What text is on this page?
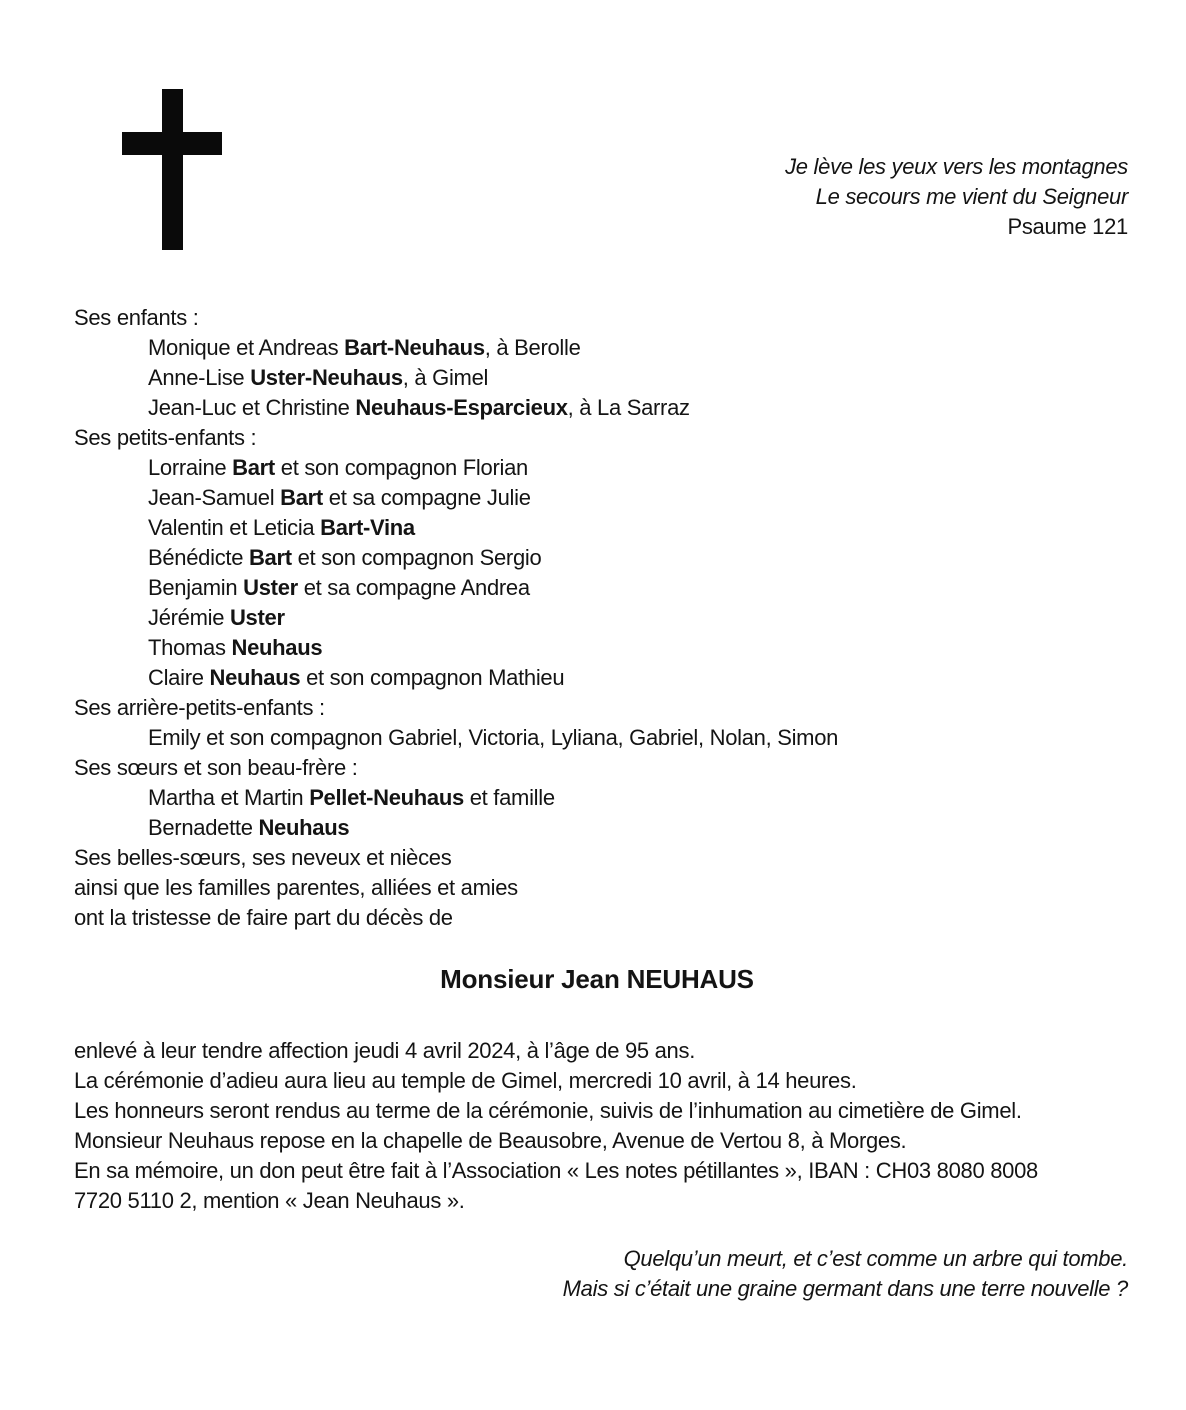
Je lève les yeux vers les montagnes
Le secours me vient du Seigneur
Psaume 121
Ses enfants :
Monique et Andreas Bart-Neuhaus, à Berolle
Anne-Lise Uster-Neuhaus, à Gimel
Jean-Luc et Christine Neuhaus-Esparcieux, à La Sarraz
Ses petits-enfants :
Lorraine Bart et son compagnon Florian
Jean-Samuel Bart et sa compagne Julie
Valentin et Leticia Bart-Vina
Bénédicte Bart et son compagnon Sergio
Benjamin Uster et sa compagne Andrea
Jérémie Uster
Thomas Neuhaus
Claire Neuhaus et son compagnon Mathieu
Ses arrière-petits-enfants :
Emily et son compagnon Gabriel, Victoria, Lyliana, Gabriel, Nolan, Simon
Ses sœurs et son beau-frère :
Martha et Martin Pellet-Neuhaus et famille
Bernadette Neuhaus
Ses belles-sœurs, ses neveux et nièces
ainsi que les familles parentes, alliées et amies
ont la tristesse de faire part du décès de
Monsieur Jean NEUHAUS
enlevé à leur tendre affection jeudi 4 avril 2024, à l’âge de 95 ans.
La cérémonie d’adieu aura lieu au temple de Gimel, mercredi 10 avril, à 14 heures.
Les honneurs seront rendus au terme de la cérémonie, suivis de l’inhumation au cimetière de Gimel.
Monsieur Neuhaus repose en la chapelle de Beausobre, Avenue de Vertou 8, à Morges.
En sa mémoire, un don peut être fait à l’Association « Les notes pétillantes », IBAN : CH03 8080 8008
7720 5110 2, mention « Jean Neuhaus ».
Quelqu’un meurt, et c’est comme un arbre qui tombe.
Mais si c’était une graine germant dans une terre nouvelle ?
